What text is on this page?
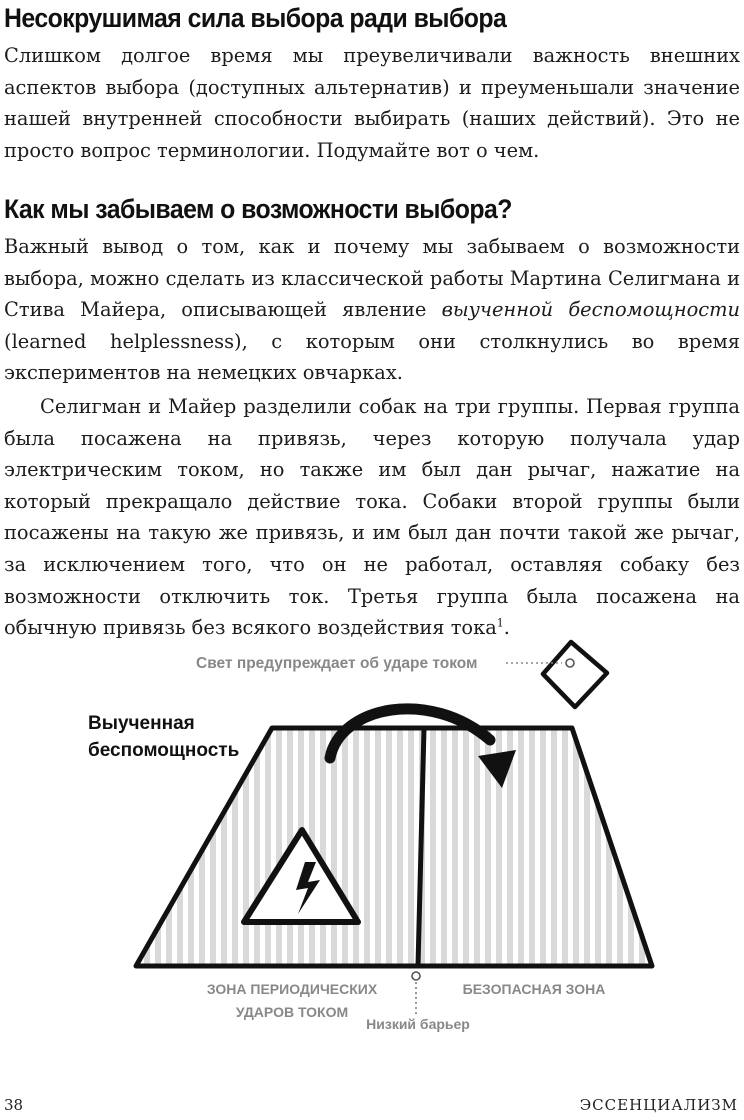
Несокрушимая сила выбора ради выбора

Слишком долгое время мы преувеличивали важность внешних аспектов выбора (доступных альтернатив) и преуменьшали значение нашей внутренней способности выбирать (наших действий). Это не просто вопрос терминологии. Подумайте вот о чем.

Как мы забываем о возможности выбора?

Важный вывод о том, как и почему мы забываем о возможности выбора, можно сделать из классической работы Мартина Селигмана и Стива Майера, описывающей явление выученной беспомощности (learned helplessness), с которым они столкнулись во время экспериментов на немецких овчарках.

Селигман и Майер разделили собак на три группы. Первая группа была посажена на привязь, через которую получала удар электрическим током, но также им был дан рычаг, нажатие на который прекращало действие тока. Собаки второй группы были посажены на такую же привязь, и им был дан почти такой же рычаг, за исключением того, что он не работал, оставляя собаку без возможности отключить ток. Третья группа была посажена на обычную привязь без всякого воздействия тока$^1$.

Свет предупреждает об ударе током
Выученная
беспомощность
ЗОНА ПЕРИОДИЧЕСКИХ
УДАРОВ ТОКОМ
БЕЗОПАСНАЯ ЗОНА
Низкий барьер
38	ЭССЕНЦИАЛИЗМ
